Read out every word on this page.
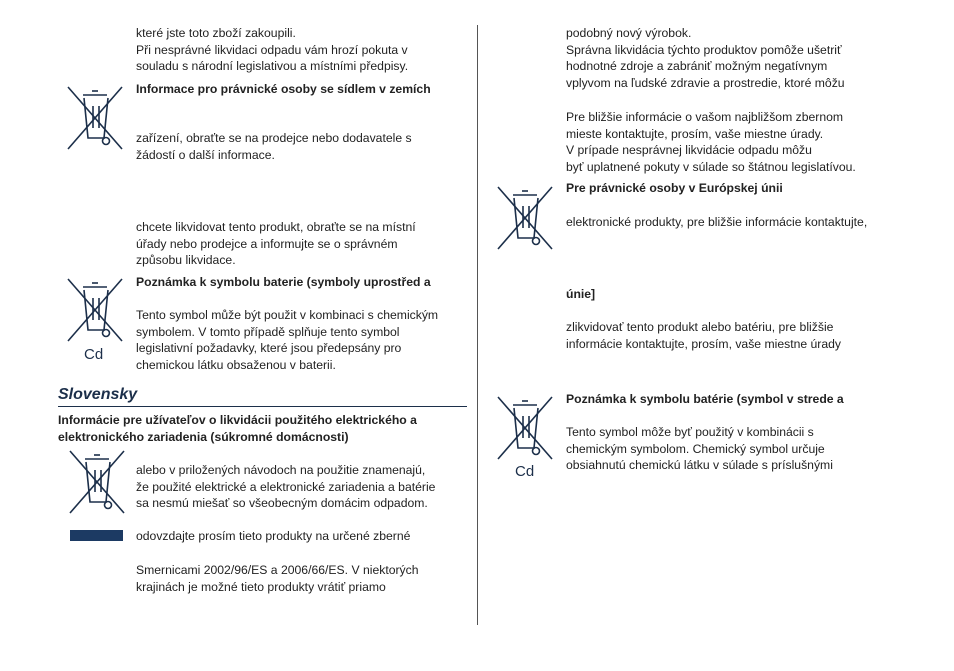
které jste toto zboží zakoupili.
Při nesprávné likvidaci odpadu vám hrozí pokuta v
souladu s národní legislativou a místními předpisy.
Informace pro právnické osoby se sídlem v zemích
zařízení, obraťte se na prodejce nebo dodavatele s
žádostí o další informace.
chcete likvidovat tento produkt, obraťte se na místní
úřady nebo prodejce a informujte se o správném
způsobu likvidace.
Cd
Poznámka k symbolu baterie (symboly uprostřed a
Tento symbol může být použit v kombinaci s chemickým
symbolem. V tomto případě splňuje tento symbol
legislativní požadavky, které jsou předepsány pro
chemickou látku obsaženou v baterii.
Slovensky
Informácie pre užívateľov o likvidácii použitého elektrického a
elektronického zariadenia (súkromné domácnosti)
alebo v priložených návodoch na použitie znamenajú,
že použité elektrické a elektronické zariadenia a batérie
sa nesmú miešať so všeobecným domácim odpadom.
odovzdajte prosím tieto produkty na určené zberné
Smernicami 2002/96/ES a 2006/66/ES. V niektorých
krajinách je možné tieto produkty vrátiť priamo
podobný nový výrobok.
Správna likvidácia týchto produktov pomôže ušetriť
hodnotné zdroje a zabrániť možným negatívnym
vplyvom na ľudské zdravie a prostredie, ktoré môžu
Pre bližšie informácie o vašom najbližšom zbernom
mieste kontaktujte, prosím, vaše miestne úrady.
V prípade nesprávnej likvidácie odpadu môžu
byť uplatnené pokuty v súlade so štátnou legislatívou.
Pre právnické osoby v Európskej únii
elektronické produkty, pre bližšie informácie kontaktujte,
únie]
zlikvidovať tento produkt alebo batériu, pre bližšie
informácie kontaktujte, prosím, vaše miestne úrady
Cd
Poznámka k symbolu batérie (symbol v strede a
Tento symbol môže byť použitý v kombinácii s
chemickým symbolom. Chemický symbol určuje
obsiahnutú chemickú látku v súlade s príslušnými
